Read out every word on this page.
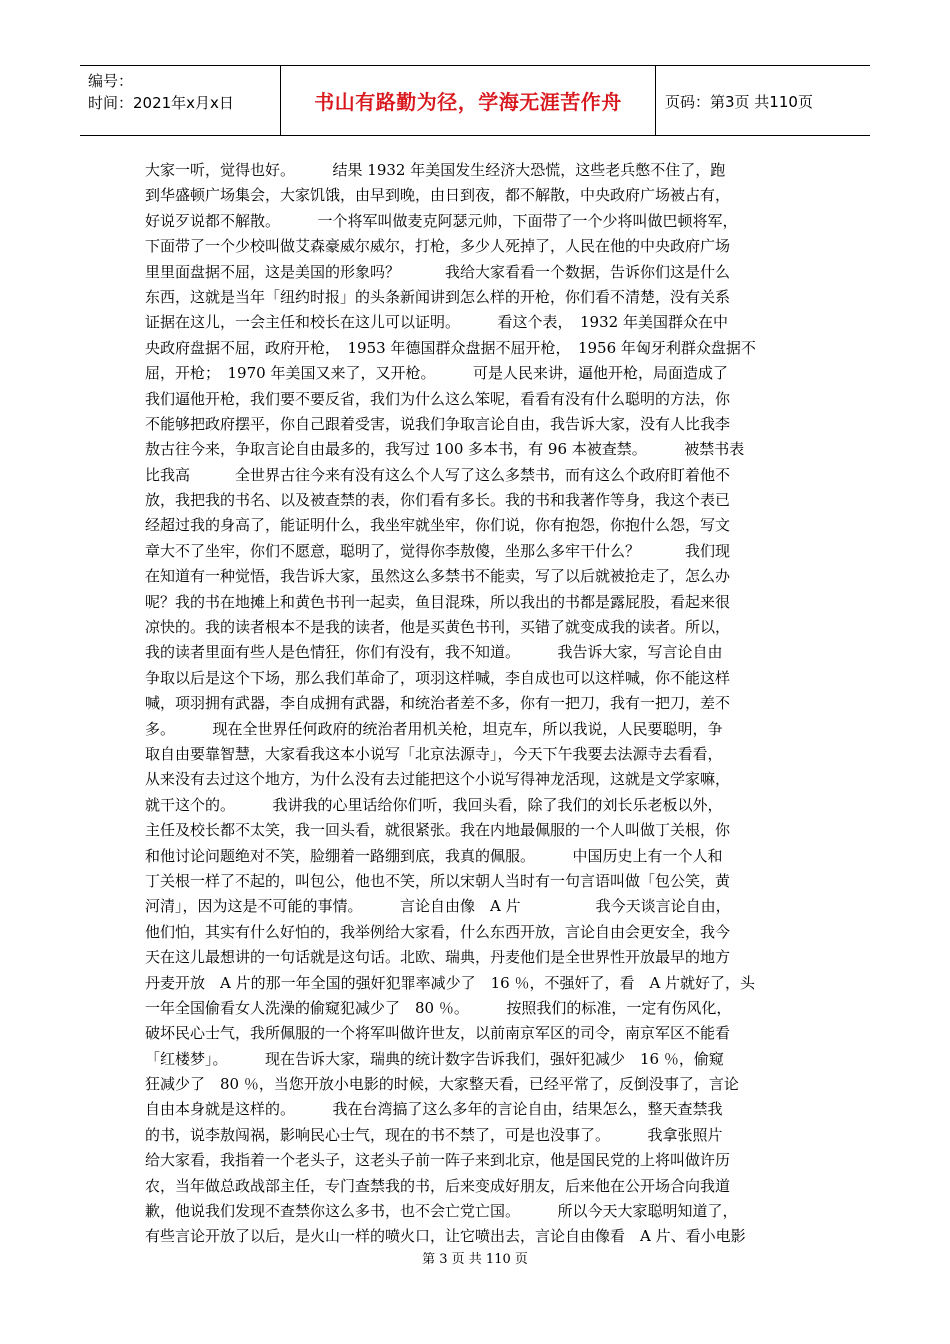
编号：
时间：2021年x月x日	书山有路勤为径，学海无涯苦作舟	页码：第3页 共110页
大家一听，觉得也好。　　　结果 1932 年美国发生经济大恐慌，这些老兵憋不住了，跑
到华盛顿广场集会，大家饥饿，由早到晚，由日到夜，都不解散，中央政府广场被占有，
好说歹说都不解散。　　　一个将军叫做麦克阿瑟元帅，下面带了一个少将叫做巴顿将军，
下面带了一个少校叫做艾森豪威尔威尔，打枪，多少人死掉了，人民在他的中央政府广场
里里面盘据不屈，这是美国的形象吗？　　　我给大家看看一个数据，告诉你们这是什么
东西，这就是当年「纽约时报」的头条新闻讲到怎么样的开枪，你们看不清楚，没有关系
证据在这儿，一会主任和校长在这儿可以证明。　　　看这个表，　1932 年美国群众在中
央政府盘据不屈，政府开枪，　1953 年德国群众盘据不屈开枪，　1956 年匈牙利群众盘据不
屈，开枪；　1970 年美国又来了，又开枪。　　　可是人民来讲，逼他开枪，局面造成了
我们逼他开枪，我们要不要反省，我们为什么这么笨呢，看看有没有什么聪明的方法，你
不能够把政府摆平，你自己跟着受害，说我们争取言论自由，我告诉大家，没有人比我李
敖古往今来，争取言论自由最多的，我写过 100 多本书，有 96 本被查禁。　　　被禁书表
比我高　　　全世界古往今来有没有这么个人写了这么多禁书，而有这么个政府盯着他不
放，我把我的书名、以及被查禁的表，你们看有多长。我的书和我著作等身，我这个表已
经超过我的身高了，能证明什么，我坐牢就坐牢，你们说，你有抱怨，你抱什么怨，写文
章大不了坐牢，你们不愿意，聪明了，觉得你李敖傻，坐那么多牢干什么？　　　我们现
在知道有一种觉悟，我告诉大家，虽然这么多禁书不能卖，写了以后就被抢走了，怎么办
呢？我的书在地摊上和黄色书刊一起卖，鱼目混珠，所以我出的书都是露屁股，看起来很
凉快的。我的读者根本不是我的读者，他是买黄色书刊，买错了就变成我的读者。所以，
我的读者里面有些人是色情狂，你们有没有，我不知道。　　　我告诉大家，写言论自由
争取以后是这个下场，那么我们革命了，项羽这样喊，李自成也可以这样喊，你不能这样
喊，项羽拥有武器，李自成拥有武器，和统治者差不多，你有一把刀，我有一把刀，差不
多。　　　现在全世界任何政府的统治者用机关枪，坦克车，所以我说，人民要聪明，争
取自由要靠智慧，大家看我这本小说写「北京法源寺」，今天下午我要去法源寺去看看，
从来没有去过这个地方，为什么没有去过能把这个小说写得神龙活现，这就是文学家嘛，
就干这个的。　　　我讲我的心里话给你们听，我回头看，除了我们的刘长乐老板以外，
主任及校长都不太笑，我一回头看，就很紧张。我在内地最佩服的一个人叫做丁关根，你
和他讨论问题绝对不笑，脸绷着一路绷到底，我真的佩服。　　　中国历史上有一个人和
丁关根一样了不起的，叫包公，他也不笑，所以宋朝人当时有一句言语叫做「包公笑，黄
河清」，因为这是不可能的事情。　　　言论自由像　A 片　　　　　我今天谈言论自由，
他们怕，其实有什么好怕的，我举例给大家看，什么东西开放，言论自由会更安全，我今
天在这儿最想讲的一句话就是这句话。北欧、瑞典，丹麦他们是全世界性开放最早的地方
丹麦开放　A 片的那一年全国的强奸犯罪率减少了　16 ％，不强奸了，看　A 片就好了，头
一年全国偷看女人洗澡的偷窥犯减少了　80 ％。　　　按照我们的标准，一定有伤风化，
破坏民心士气，我所佩服的一个将军叫做许世友，以前南京军区的司令，南京军区不能看
「红楼梦」。　　　现在告诉大家，瑞典的统计数字告诉我们，强奸犯减少　16 ％，偷窥
狂减少了　80 ％，当您开放小电影的时候，大家整天看，已经平常了，反倒没事了，言论
自由本身就是这样的。　　　我在台湾搞了这么多年的言论自由，结果怎么，整天查禁我
的书，说李敖闯祸，影响民心士气，现在的书不禁了，可是也没事了。　　　我拿张照片
给大家看，我指着一个老头子，这老头子前一阵子来到北京，他是国民党的上将叫做许历
农，当年做总政战部主任，专门查禁我的书，后来变成好朋友，后来他在公开场合向我道
歉，他说我们发现不查禁你这么多书，也不会亡党亡国。　　　所以今天大家聪明知道了，
有些言论开放了以后，是火山一样的喷火口，让它喷出去，言论自由像看　A 片、看小电影
第 3 页 共 110 页
